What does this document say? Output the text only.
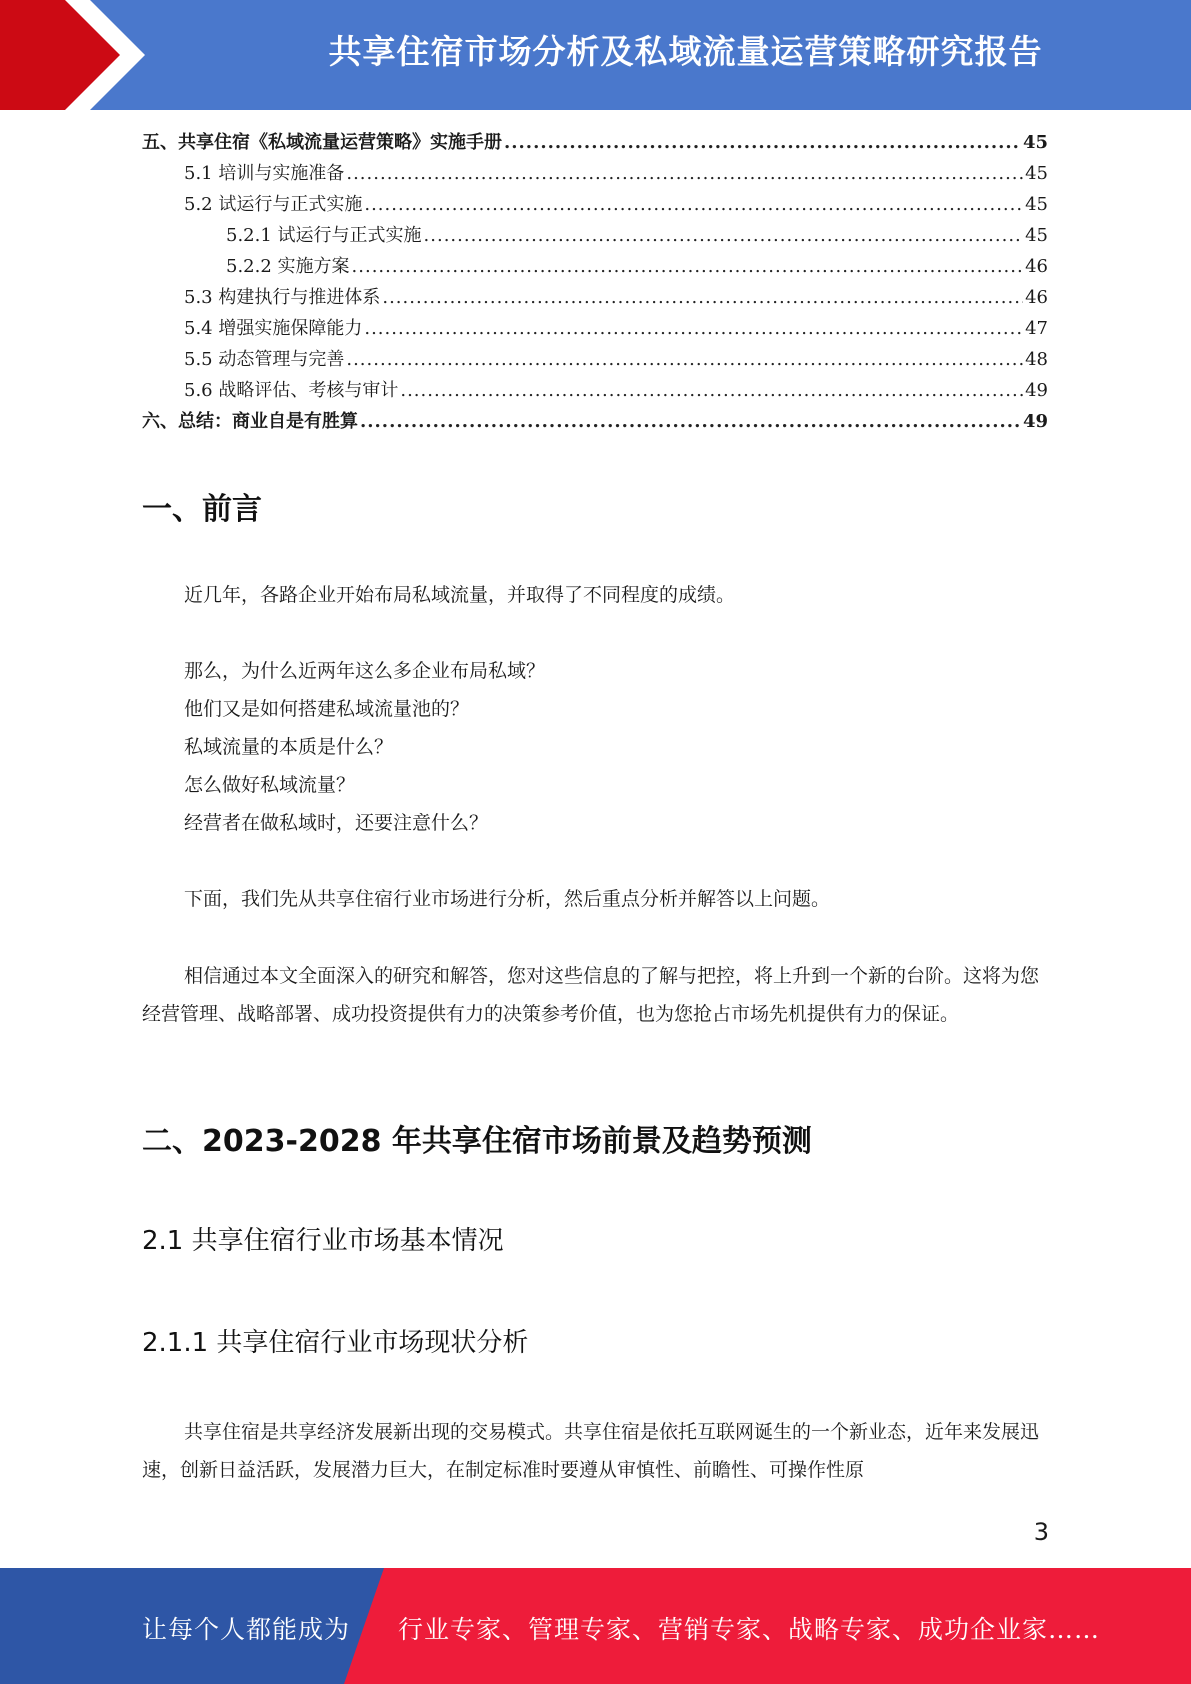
共享住宿市场分析及私域流量运营策略研究报告
五、共享住宿《私域流量运营策略》实施手册 .....	45
5.1 培训与实施准备 .....	45
5.2 试运行与正式实施 .....	45
5.2.1 试运行与正式实施 .....	45
5.2.2 实施方案 .....	46
5.3 构建执行与推进体系 .....	46
5.4 增强实施保障能力 .....	47
5.5 动态管理与完善 .....	48
5.6 战略评估、考核与审计 .....	49
六、总结：商业自是有胜算 .....	49
一、前言
近几年，各路企业开始布局私域流量，并取得了不同程度的成绩。
那么，为什么近两年这么多企业布局私域？
他们又是如何搭建私域流量池的？
私域流量的本质是什么？
怎么做好私域流量？
经营者在做私域时，还要注意什么？
下面，我们先从共享住宿行业市场进行分析，然后重点分析并解答以上问题。
相信通过本文全面深入的研究和解答，您对这些信息的了解与把控，将上升到一个新的台阶。这将为您经营管理、战略部署、成功投资提供有力的决策参考价值，也为您抢占市场先机提供有力的保证。
二、2023-2028 年共享住宿市场前景及趋势预测
2.1 共享住宿行业市场基本情况
2.1.1 共享住宿行业市场现状分析
共享住宿是共享经济发展新出现的交易模式。共享住宿是依托互联网诞生的一个新业态，近年来发展迅速，创新日益活跃，发展潜力巨大，在制定标准时要遵从审慎性、前瞻性、可操作性原
3
让每个人都能成为 行业专家、管理专家、营销专家、战略专家、成功企业家……
